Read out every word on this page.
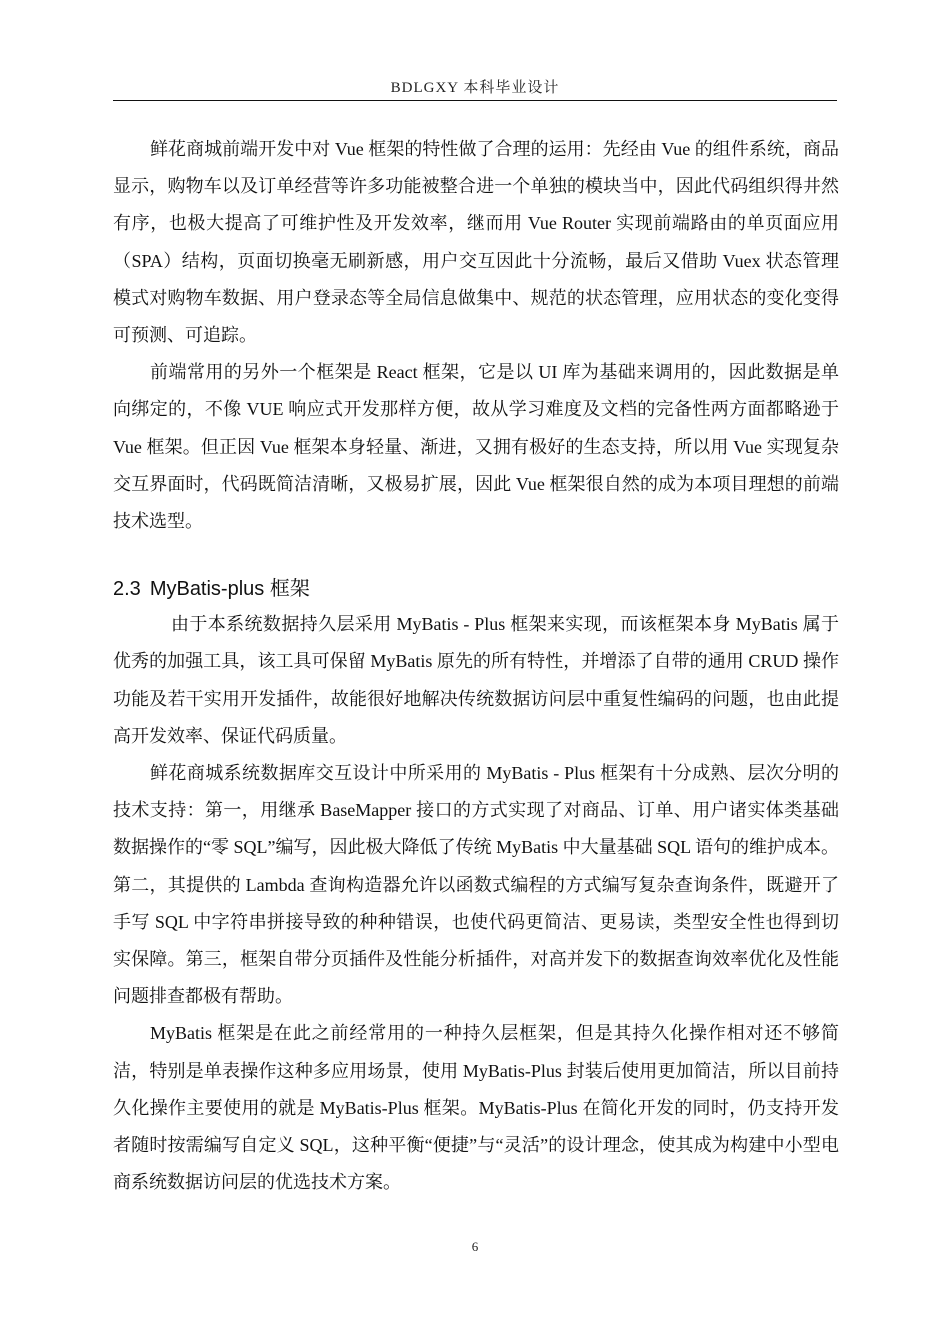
BDLGXY 本科毕业设计

鲜花商城前端开发中对 Vue 框架的特性做了合理的运用：先经由 Vue 的组件系统，商品显示，购物车以及订单经营等许多功能被整合进一个单独的模块当中，因此代码组织得井然有序，也极大提高了可维护性及开发效率，继而用 Vue Router 实现前端路由的单页面应用（SPA）结构，页面切换毫无刷新感，用户交互因此十分流畅，最后又借助 Vuex 状态管理模式对购物车数据、用户登录态等全局信息做集中、规范的状态管理，应用状态的变化变得可预测、可追踪。

前端常用的另外一个框架是 React 框架，它是以 UI 库为基础来调用的，因此数据是单向绑定的，不像 VUE 响应式开发那样方便，故从学习难度及文档的完备性两方面都略逊于 Vue 框架。但正因 Vue 框架本身轻量、渐进，又拥有极好的生态支持，所以用 Vue 实现复杂交互界面时，代码既简洁清晰，又极易扩展，因此 Vue 框架很自然的成为本项目理想的前端技术选型。

2.3 MyBatis-plus 框架

由于本系统数据持久层采用 MyBatis - Plus 框架来实现，而该框架本身 MyBatis 属于优秀的加强工具，该工具可保留 MyBatis 原先的所有特性，并增添了自带的通用 CRUD 操作功能及若干实用开发插件，故能很好地解决传统数据访问层中重复性编码的问题，也由此提高开发效率、保证代码质量。

鲜花商城系统数据库交互设计中所采用的 MyBatis - Plus 框架有十分成熟、层次分明的技术支持：第一，用继承 BaseMapper 接口的方式实现了对商品、订单、用户诸实体类基础数据操作的“零 SQL”编写，因此极大降低了传统 MyBatis 中大量基础 SQL 语句的维护成本。第二，其提供的 Lambda 查询构造器允许以函数式编程的方式编写复杂查询条件，既避开了手写 SQL 中字符串拼接导致的种种错误，也使代码更简洁、更易读，类型安全性也得到切实保障。第三，框架自带分页插件及性能分析插件，对高并发下的数据查询效率优化及性能问题排查都极有帮助。

MyBatis 框架是在此之前经常用的一种持久层框架，但是其持久化操作相对还不够简洁，特别是单表操作这种多应用场景，使用 MyBatis-Plus 封装后使用更加简洁，所以目前持久化操作主要使用的就是 MyBatis-Plus 框架。MyBatis-Plus 在简化开发的同时，仍支持开发者随时按需编写自定义 SQL，这种平衡“便捷”与“灵活”的设计理念，使其成为构建中小型电商系统数据访问层的优选技术方案。

6
